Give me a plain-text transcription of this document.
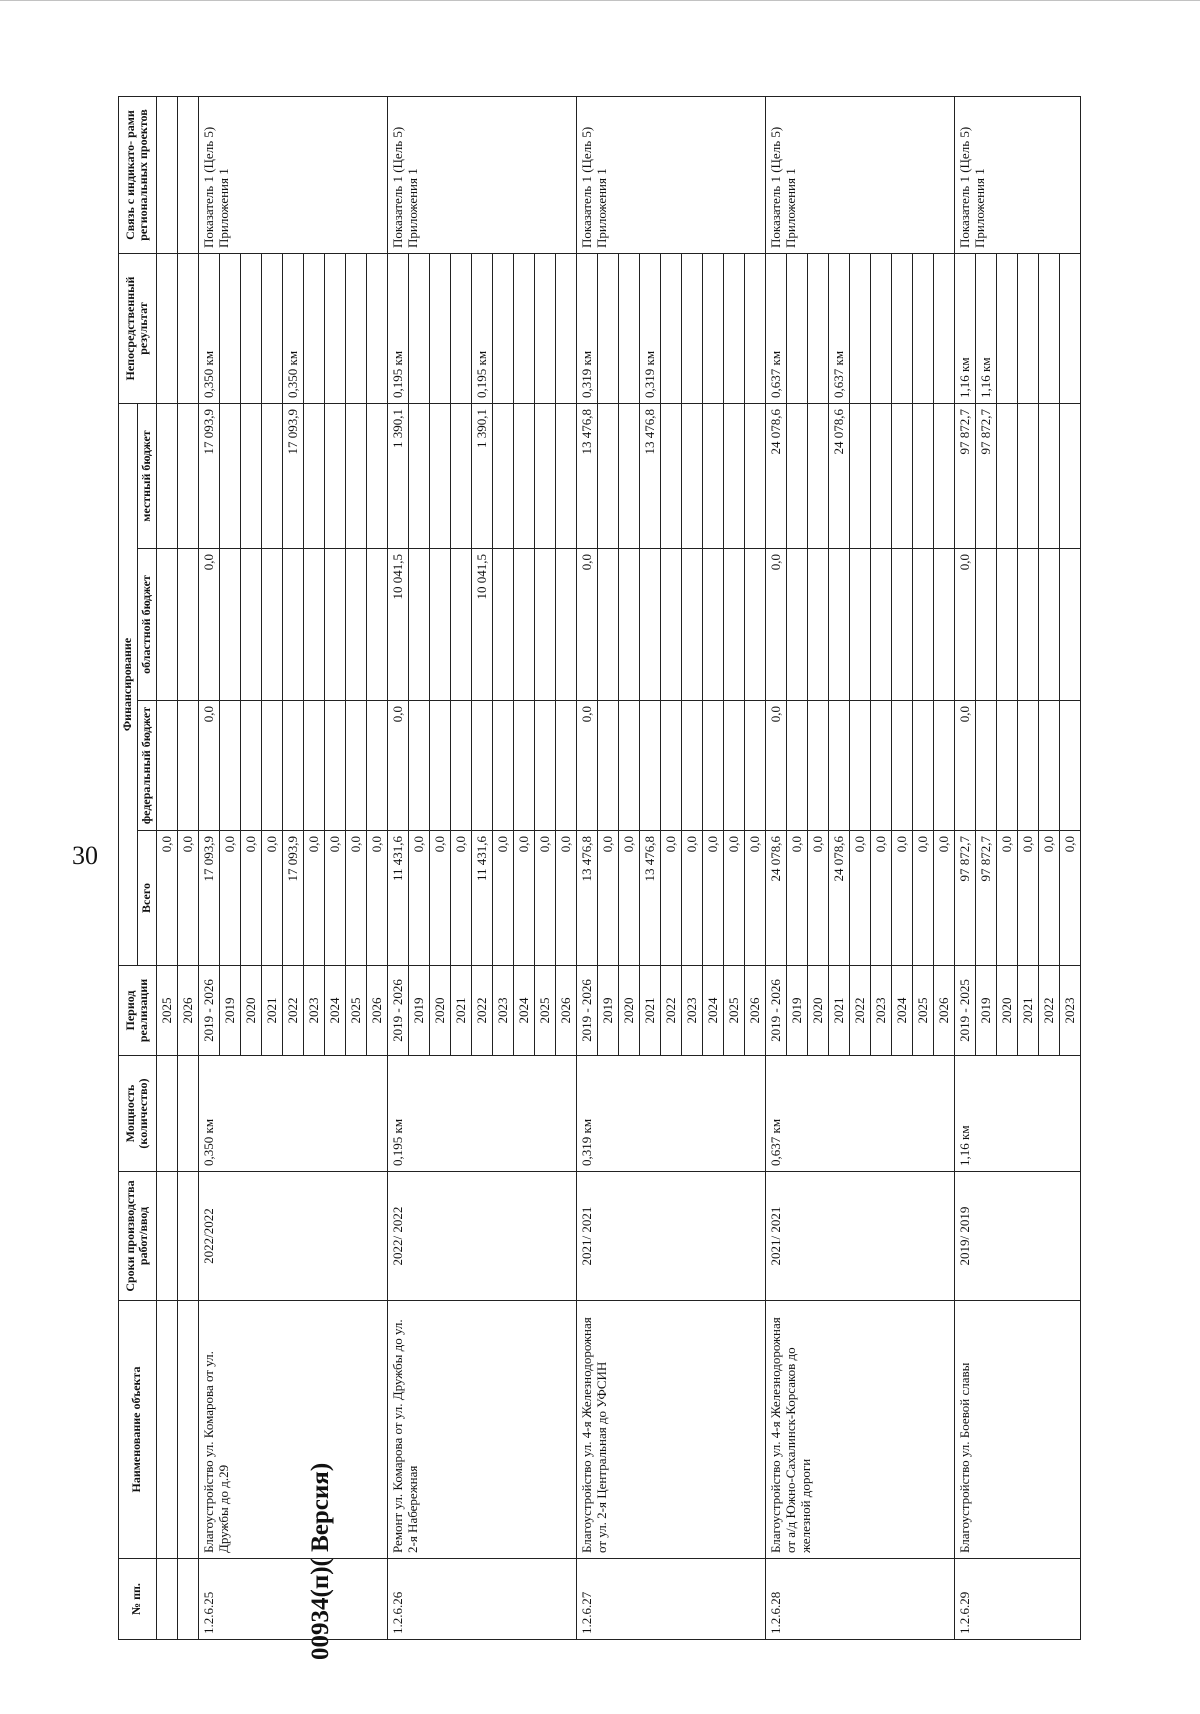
30
№ пп.	Наименование объекта	Сроки производства работ/ввод	Мощность (количество)	Период реализации	Финансирование				Непосредственный результат	Связь с индикато- рами региональных проектов
					Всего	федеральный бюджет	областной бюджет	местный бюджет		

				2025	0,0					
				2026	0,0					
1.2.6.25	Благоустройство ул. Комарова от ул. Дружбы до д.29	2022/2022	0,350 км	2019 - 2026	17 093,9	0,0	0,0	17 093,9	0,350 км	Показатель 1 (Цель 5) Приложения 1
				2019	0,0					
				2020	0,0					
				2021	0,0					
				2022	17 093,9			17 093,9	0,350 км	
				2023	0,0					
				2024	0,0					
				2025	0,0					
				2026	0,0					
1.2.6.26	Ремонт ул. Комарова от ул. Дружбы до ул. 2-я Набережная	2022/ 2022	0,195 км	2019 - 2026	11 431,6	0,0	10 041,5	1 390,1	0,195 км	Показатель 1 (Цель 5) Приложения 1
				2019	0,0					
				2020	0,0					
				2021	0,0					
				2022	11 431,6		10 041,5	1 390,1	0,195 км	
				2023	0,0					
				2024	0,0					
				2025	0,0					
				2026	0,0					
1.2.6.27	Благоустройство ул. 4-я Железнодорожная от ул. 2-я Центральная до УФСИН	2021/ 2021	0,319 км	2019 - 2026	13 476,8	0,0	0,0	13 476,8	0,319 км	Показатель 1 (Цель 5) Приложения 1
				2019	0,0					
				2020	0,0					
				2021	13 476,8			13 476,8	0,319 км	
				2022	0,0					
				2023	0,0					
				2024	0,0					
				2025	0,0					
				2026	0,0					
1.2.6.28	Благоустройство ул. 4-я Железнодорожная от а/д Южно-Сахалинск-Корсаков до железной дороги	2021/ 2021	0,637 км	2019 - 2026	24 078,6	0,0	0,0	24 078,6	0,637 км	Показатель 1 (Цель 5) Приложения 1
				2019	0,0					
				2020	0,0					
				2021	24 078,6			24 078,6	0,637 км	
				2022	0,0					
				2023	0,0					
				2024	0,0					
				2025	0,0					
				2026	0,0					
1.2.6.29	Благоустройство ул. Боевой славы	2019/ 2019	1,16 км	2019 - 2025	97 872,7	0,0	0,0	97 872,7	1,16 км	Показатель 1 (Цель 5) Приложения 1
				2019	97 872,7			97 872,7	1,16 км	
				2020	0,0					
				2021	0,0					
				2022	0,0					
				2023	0,0					
00934(п)( Версия)
